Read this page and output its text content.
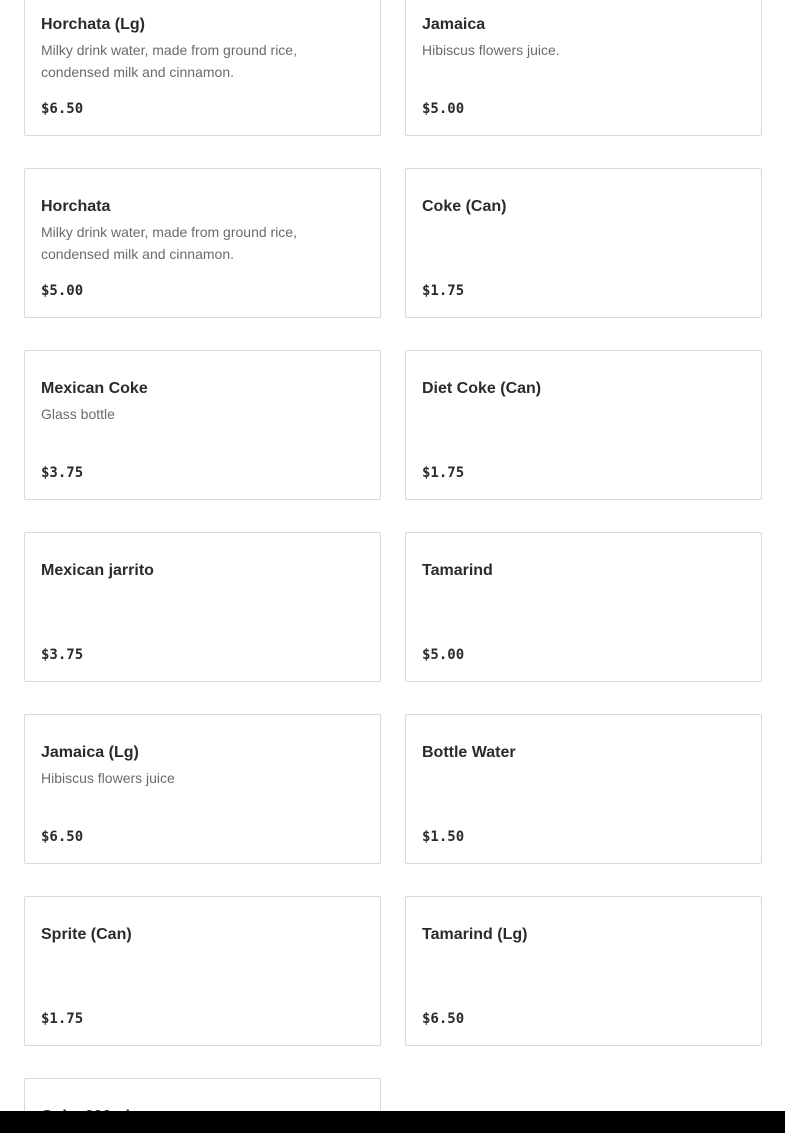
Horchata (Lg)
Milky drink water, made from ground rice, condensed milk and cinnamon.
$6.50
Jamaica
Hibiscus flowers juice.
$5.00
Horchata
Milky drink water, made from ground rice, condensed milk and cinnamon.
$5.00
Coke (Can)
$1.75
Mexican Coke
Glass bottle
$3.75
Diet Coke (Can)
$1.75
Mexican jarrito
$3.75
Tamarind
$5.00
Jamaica (Lg)
Hibiscus flowers juice
$6.50
Bottle Water
$1.50
Sprite (Can)
$1.75
Tamarind (Lg)
$6.50
